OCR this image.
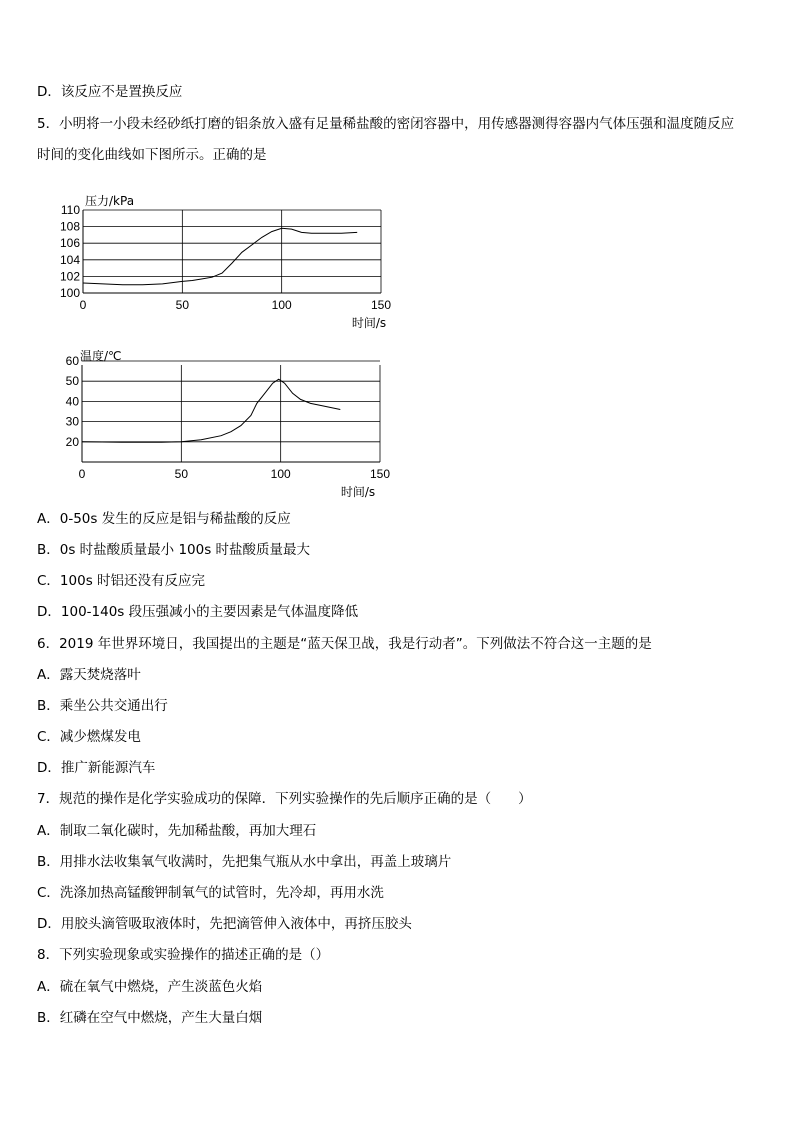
D．该反应不是置换反应
5．小明将一小段未经砂纸打磨的铝条放入盛有足量稀盐酸的密闭容器中，用传感器测得容器内气体压强和温度随反应
时间的变化曲线如下图所示。正确的是
100
102
104
106
108
110
0	50	100	150
压力/kPa
时间/s
20
30
40
50
60
0	50	100	150
温度/℃
时间/s
A．0-50s 发生的反应是铝与稀盐酸的反应
B．0s 时盐酸质量最小 100s 时盐酸质量最大
C．100s 时铝还没有反应完
D．100-140s 段压强减小的主要因素是气体温度降低
6．2019 年世界环境日，我国提出的主题是“蓝天保卫战，我是行动者”。下列做法不符合这一主题的是
A．露天焚烧落叶
B．乘坐公共交通出行
C．减少燃煤发电
D．推广新能源汽车
7．规范的操作是化学实验成功的保障．下列实验操作的先后顺序正确的是（　　）
A．制取二氧化碳时，先加稀盐酸，再加大理石
B．用排水法收集氧气收满时，先把集气瓶从水中拿出，再盖上玻璃片
C．洗涤加热高锰酸钾制氧气的试管时，先冷却，再用水洗
D．用胶头滴管吸取液体时，先把滴管伸入液体中，再挤压胶头
8．下列实验现象或实验操作的描述正确的是（）
A．硫在氧气中燃烧，产生淡蓝色火焰
B．红磷在空气中燃烧，产生大量白烟
